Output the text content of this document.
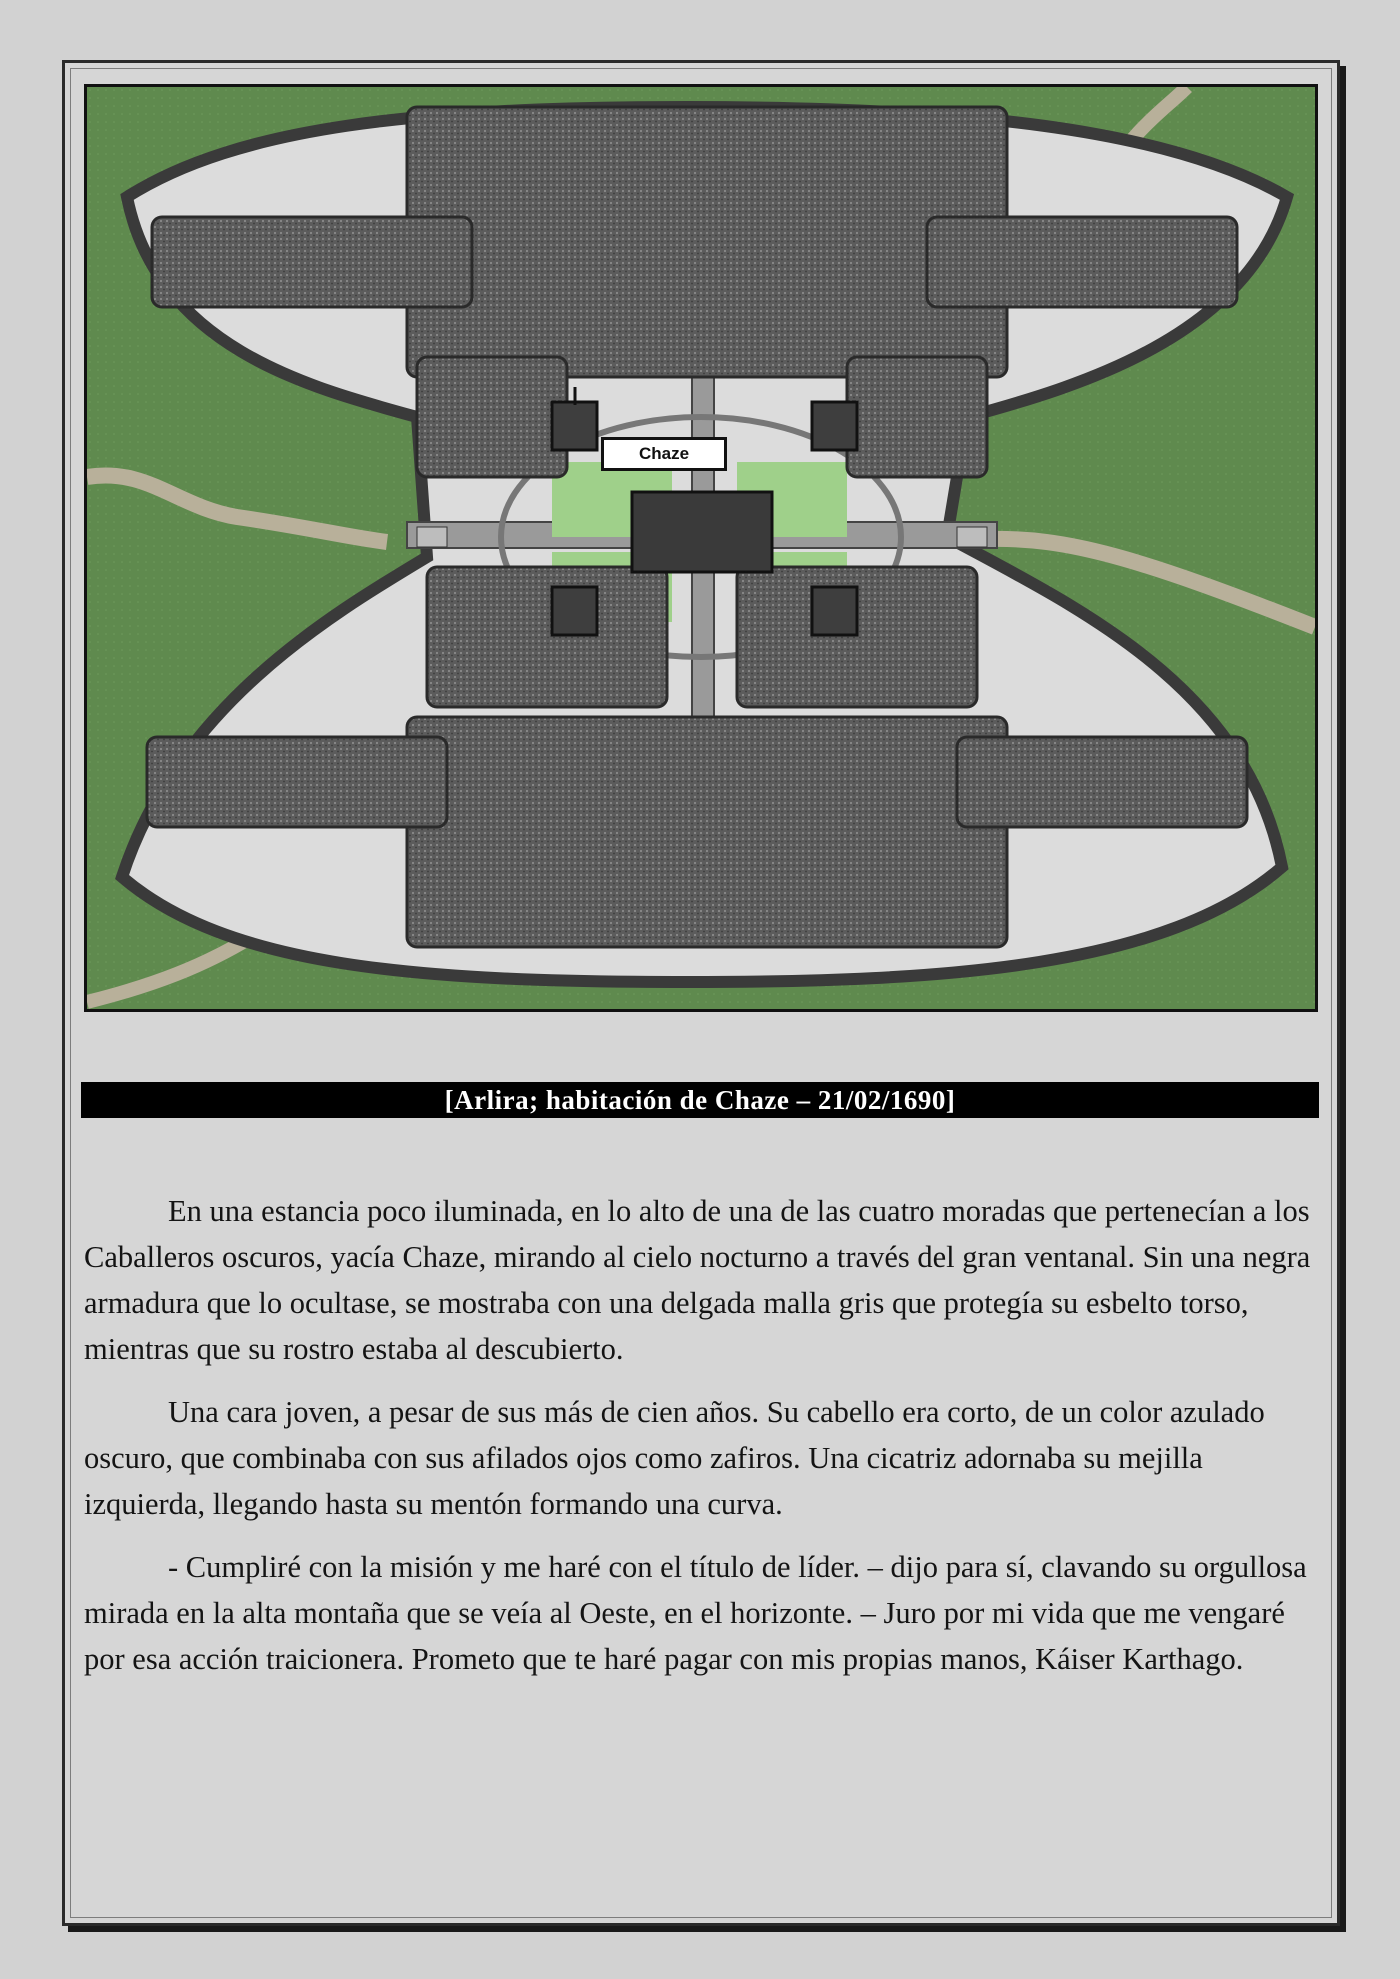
Chaze
[Arlira; habitación de Chaze – 21/02/1690]

En una estancia poco iluminada, en lo alto de una de las cuatro moradas que pertenecían a los Caballeros oscuros, yacía Chaze, mirando al cielo nocturno a través del gran ventanal. Sin una negra armadura que lo ocultase, se mostraba con una delgada malla gris que protegía su esbelto torso, mientras que su rostro estaba al descubierto.

Una cara joven, a pesar de sus más de cien años. Su cabello era corto, de un color azulado oscuro, que combinaba con sus afilados ojos como zafiros. Una cicatriz adornaba su mejilla izquierda, llegando hasta su mentón formando una curva.

- Cumpliré con la misión y me haré con el título de líder. – dijo para sí, clavando su orgullosa mirada en la alta montaña que se veía al Oeste, en el horizonte. – Juro por mi vida que me vengaré por esa acción traicionera. Prometo que te haré pagar con mis propias manos, Káiser Karthago.
